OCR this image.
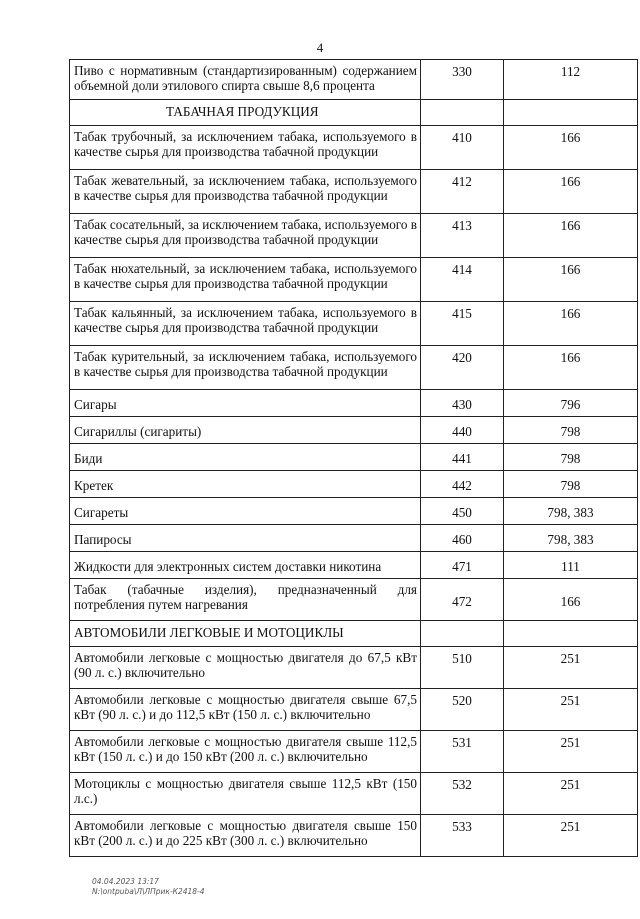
4
Пиво с нормативным (стандартизированным) содержанием объемной доли этилового спирта свыше 8,6 процента	330	112
ТАБАЧНАЯ ПРОДУКЦИЯ		
Табак трубочный, за исключением табака, используемого в качестве сырья для производства табачной продукции	410	166
Табак жевательный, за исключением табака, используемого в качестве сырья для производства табачной продукции	412	166
Табак сосательный, за исключением табака, используемого в качестве сырья для производства табачной продукции	413	166
Табак нюхательный, за исключением табака, используемого в качестве сырья для производства табачной продукции	414	166
Табак кальянный, за исключением табака, используемого в качестве сырья для производства табачной продукции	415	166
Табак курительный, за исключением табака, используемого в качестве сырья для производства табачной продукции	420	166
Сигары	430	796
Сигариллы (сигариты)	440	798
Биди	441	798
Кретек	442	798
Сигареты	450	798, 383
Папиросы	460	798, 383
Жидкости для электронных систем доставки никотина	471	111
Табак (табачные изделия), предназначенный для потребления путем нагревания	472	166
АВТОМОБИЛИ ЛЕГКОВЫЕ И МОТОЦИКЛЫ		
Автомобили легковые с мощностью двигателя до 67,5 кВт (90 л. с.) включительно	510	251
Автомобили легковые с мощностью двигателя свыше 67,5 кВт (90 л. с.) и до 112,5 кВт (150 л. с.) включительно	520	251
Автомобили легковые с мощностью двигателя свыше 112,5 кВт (150 л. с.) и до 150 кВт (200 л. с.) включительно	531	251
Мотоциклы с мощностью двигателя свыше 112,5 кВт (150 л.с.)	532	251
Автомобили легковые с мощностью двигателя свыше 150 кВт (200 л. с.) и до 225 кВт (300 л. с.) включительно	533	251
04.04.2023 13:17
N:\ontpuba\Л\ЛПрик-К2418-4
